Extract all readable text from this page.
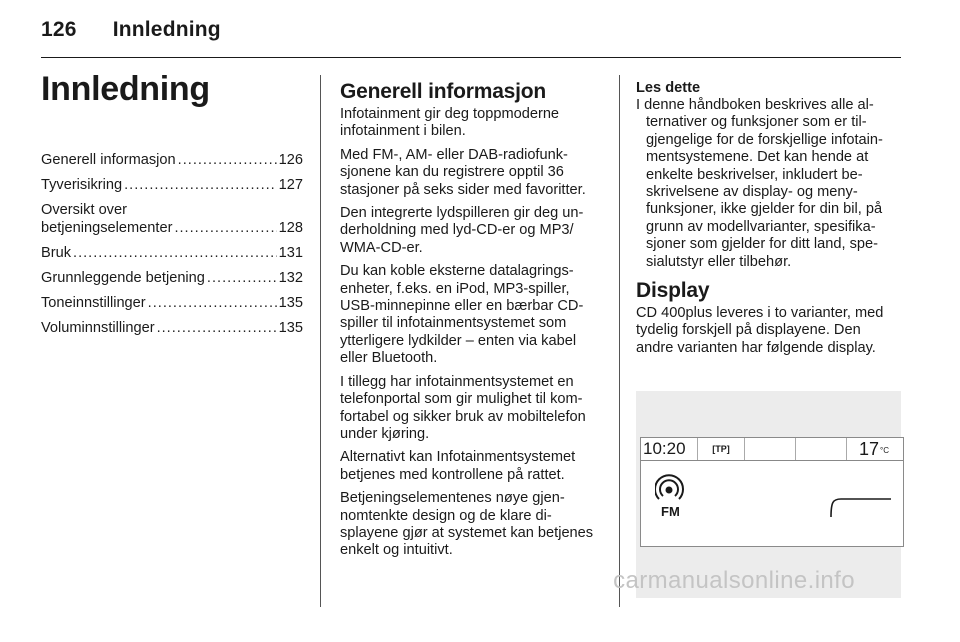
126 Innledning
Innledning
Generell informasjon .....	126
Tyverisikring .....	127
Oversikt over
betjeningselementer .....	128
Bruk .....	131
Grunnleggende betjening .....	132
Toneinnstillinger .....	135
Voluminnstillinger .....	135
Generell informasjon

Infotainment gir deg toppmoderne infotainment i bilen.

Med FM-, AM- eller DAB-radiofunksjonene kan du registrere opptil 36 stasjoner på seks sider med favoritter.

Den integrerte lydspilleren gir deg underholdning med lyd-CD-er og MP3/ WMA-CD-er.

Du kan koble eksterne datalagringsenheter, f.eks. en iPod, MP3-spiller, USB-minnepinne eller en bærbar CD-spiller til infotainmentsystemet som ytterligere lydkilder – enten via kabel eller Bluetooth.

I tillegg har infotainmentsystemet en telefonportal som gir mulighet til komfortabel og sikker bruk av mobiltelefon under kjøring.

Alternativt kan Infotainmentsystemet betjenes med kontrollene på rattet.

Betjeningselementenes nøye gjennomtenkte design og de klare displayene gjør at systemet kan betjenes enkelt og intuitivt.

Les dette

I denne håndboken beskrives alle alternativer og funksjoner som er tilgjengelige for de forskjellige infotainmentsystemene. Det kan hende at enkelte beskrivelser, inkludert beskrivelsene av display- og menyfunksjoner, ikke gjelder for din bil, på grunn av modellvarianter, spesifikasjoner som gjelder for ditt land, spesialutstyr eller tilbehør.

Display

CD 400plus leveres i to varianter, med tydelig forskjell på displayene. Den andre varianten har følgende display.

10:20	[TP]	$17^{^\circ C}$
FM
carmanualsonline.info
